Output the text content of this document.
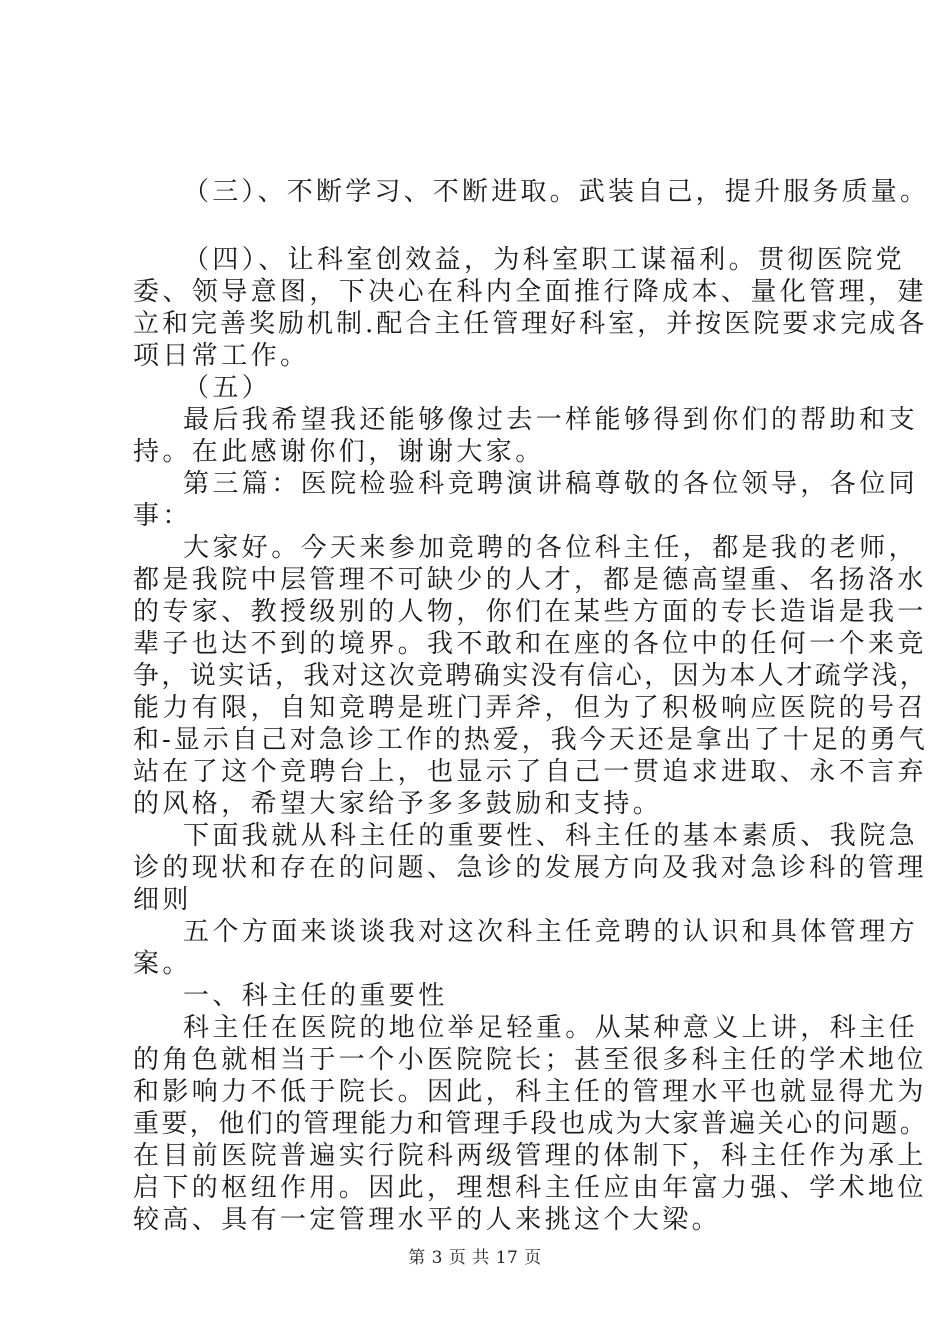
（三）、不断学习、不断进取。武装自己，提升服务质量。
（四）、让科室创效益，为科室职工谋福利。贯彻医院党
委、领导意图，下决心在科内全面推行降成本、量化管理，建
立和完善奖励机制.配合主任管理好科室，并按医院要求完成各
项日常工作。
（五）
最后我希望我还能够像过去一样能够得到你们的帮助和支
持。在此感谢你们，谢谢大家。
第三篇：医院检验科竞聘演讲稿尊敬的各位领导，各位同
事：
大家好。今天来参加竞聘的各位科主任，都是我的老师，
都是我院中层管理不可缺少的人才，都是德高望重、名扬洛水
的专家、教授级别的人物，你们在某些方面的专长造诣是我一
辈子也达不到的境界。我不敢和在座的各位中的任何一个来竞
争，说实话，我对这次竞聘确实没有信心，因为本人才疏学浅，
能力有限，自知竞聘是班门弄斧，但为了积极响应医院的号召
和-显示自己对急诊工作的热爱，我今天还是拿出了十足的勇气
站在了这个竞聘台上，也显示了自己一贯追求进取、永不言弃
的风格，希望大家给予多多鼓励和支持。
下面我就从科主任的重要性、科主任的基本素质、我院急
诊的现状和存在的问题、急诊的发展方向及我对急诊科的管理
细则
五个方面来谈谈我对这次科主任竞聘的认识和具体管理方
案。
一、科主任的重要性
科主任在医院的地位举足轻重。从某种意义上讲，科主任
的角色就相当于一个小医院院长；甚至很多科主任的学术地位
和影响力不低于院长。因此，科主任的管理水平也就显得尤为
重要，他们的管理能力和管理手段也成为大家普遍关心的问题。
在目前医院普遍实行院科两级管理的体制下，科主任作为承上
启下的枢纽作用。因此，理想科主任应由年富力强、学术地位
较高、具有一定管理水平的人来挑这个大梁。
第 3 页 共 17 页
